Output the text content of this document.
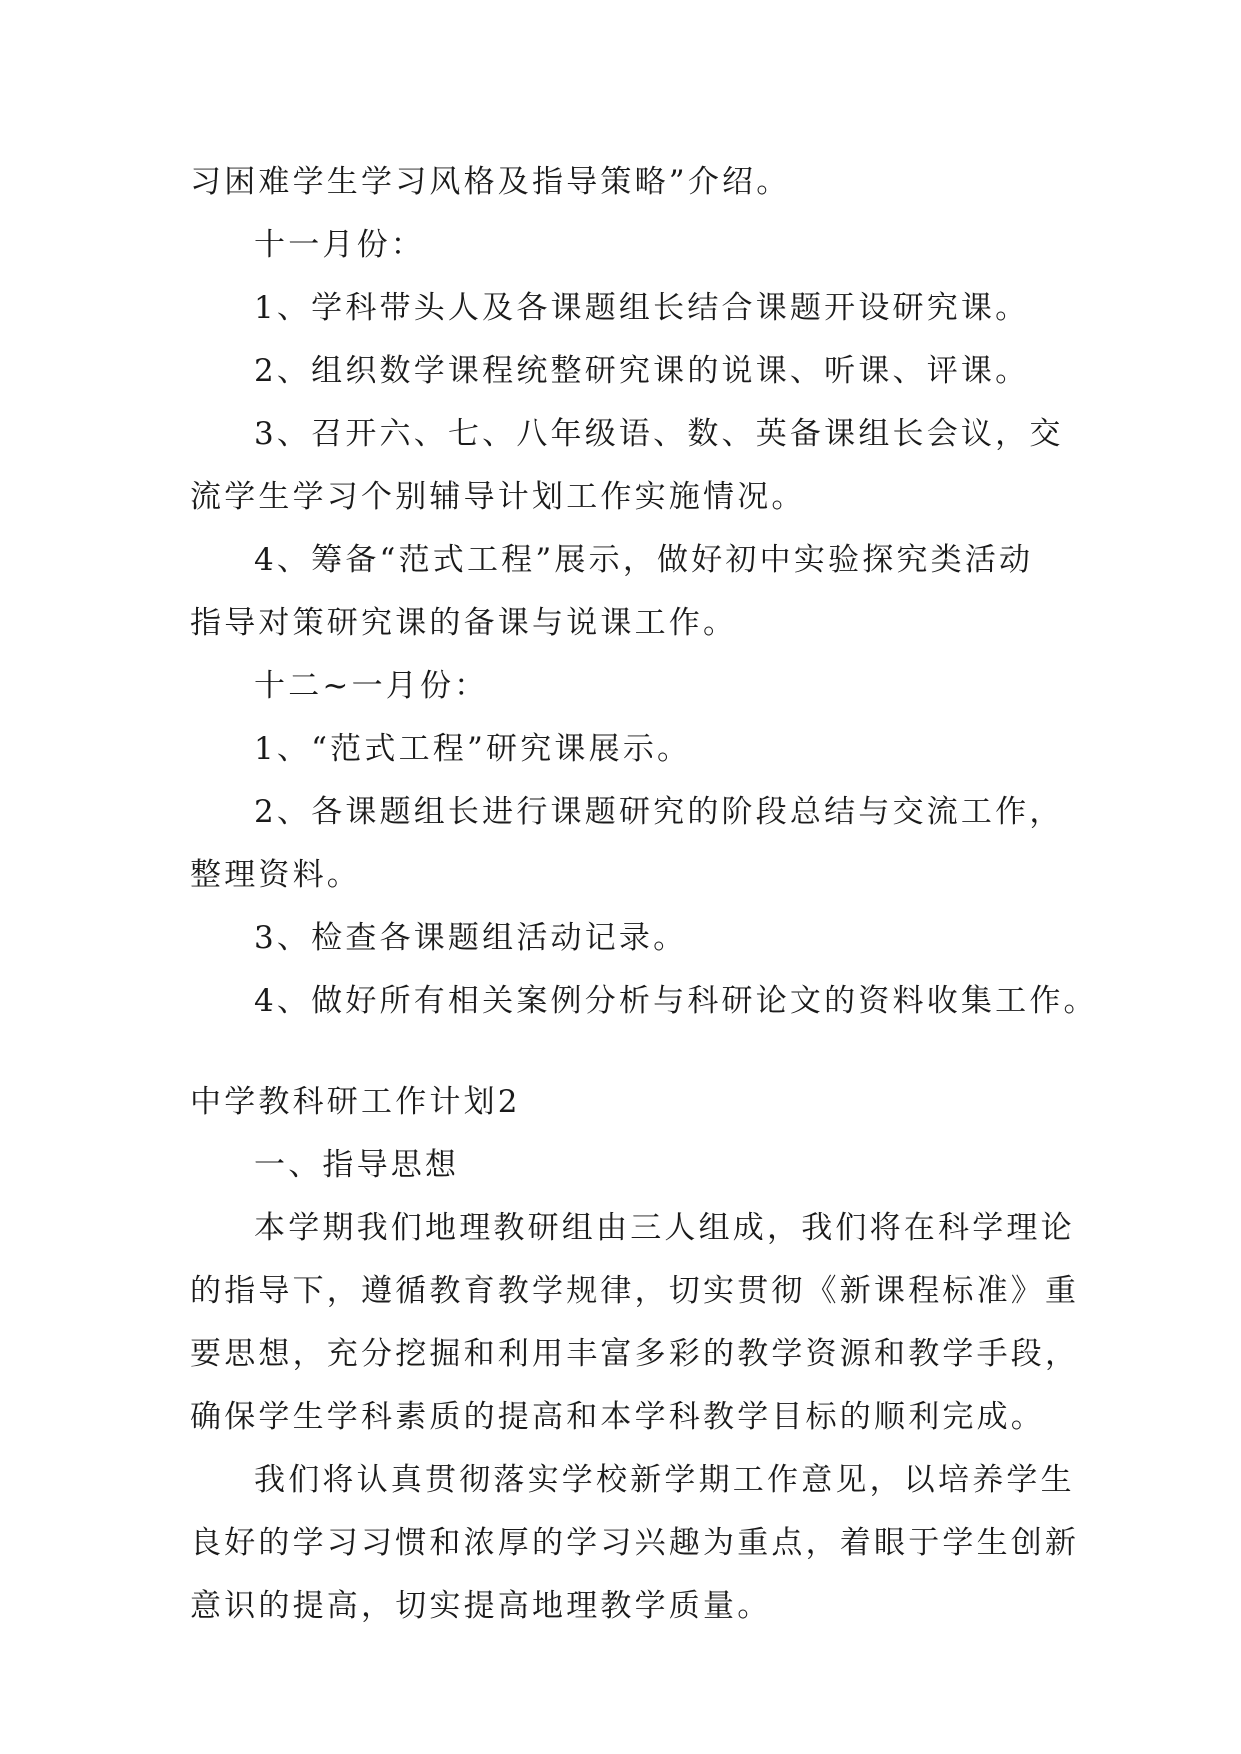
习困难学生学习风格及指导策略”介绍。
十一月份：
1、学科带头人及各课题组长结合课题开设研究课。
2、组织数学课程统整研究课的说课、听课、评课。
3、召开六、七、八年级语、数、英备课组长会议，交
流学生学习个别辅导计划工作实施情况。
4、筹备“范式工程”展示，做好初中实验探究类活动
指导对策研究课的备课与说课工作。
十二~一月份：
1、“范式工程”研究课展示。
2、各课题组长进行课题研究的阶段总结与交流工作，
整理资料。
3、检查各课题组活动记录。
4、做好所有相关案例分析与科研论文的资料收集工作。
中学教科研工作计划2
一、指导思想
本学期我们地理教研组由三人组成，我们将在科学理论
的指导下，遵循教育教学规律，切实贯彻《新课程标准》重
要思想，充分挖掘和利用丰富多彩的教学资源和教学手段，
确保学生学科素质的提高和本学科教学目标的顺利完成。
我们将认真贯彻落实学校新学期工作意见，以培养学生
良好的学习习惯和浓厚的学习兴趣为重点，着眼于学生创新
意识的提高，切实提高地理教学质量。
